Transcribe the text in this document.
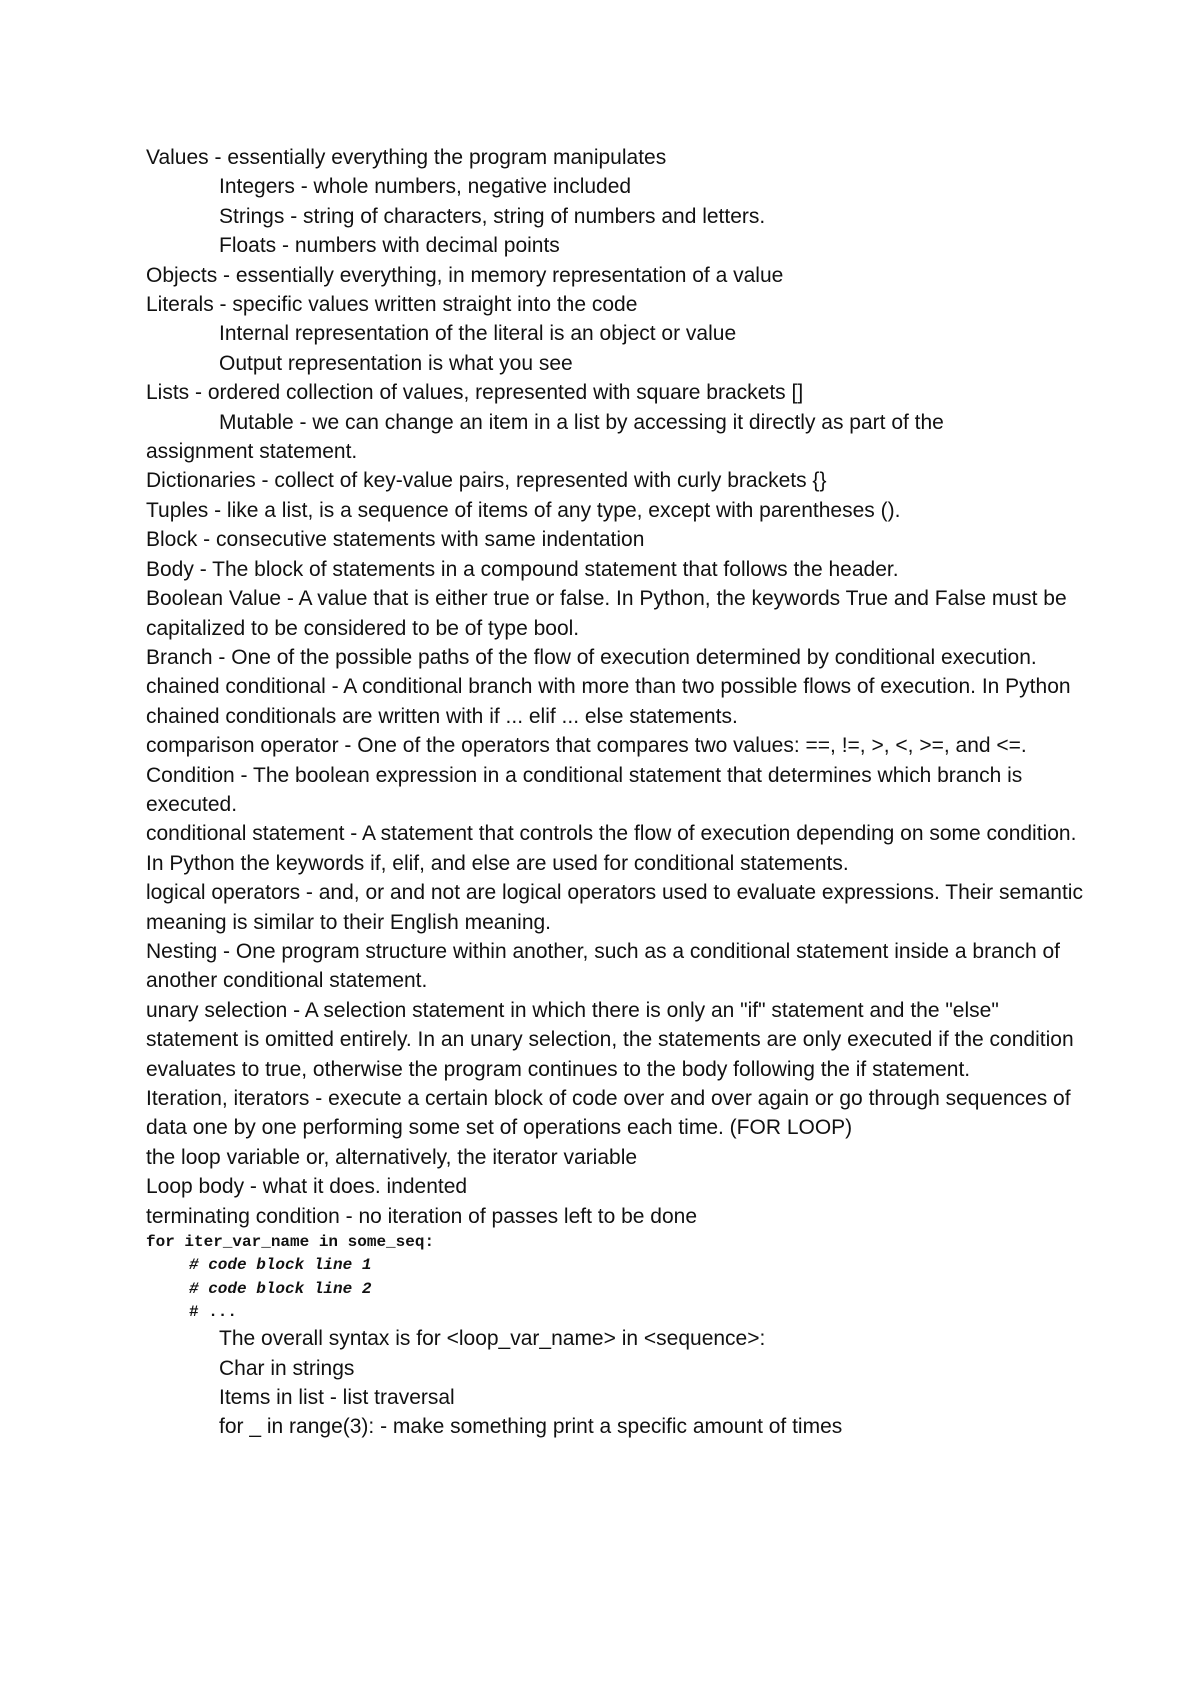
Values - essentially everything the program manipulates

Integers - whole numbers, negative included

Strings - string of characters, string of numbers and letters.

Floats - numbers with decimal points

Objects - essentially everything, in memory representation of a value

Literals - specific values written straight into the code

Internal representation of the literal is an object or value

Output representation is what you see

Lists - ordered collection of values, represented with square brackets []

Mutable - we can change an item in a list by accessing it directly as part of the

assignment statement.

Dictionaries - collect of key-value pairs, represented with curly brackets {}

Tuples - like a list, is a sequence of items of any type, except with parentheses ().

Block - consecutive statements with same indentation

Body - The block of statements in a compound statement that follows the header.

Boolean Value - A value that is either true or false. In Python, the keywords True and False must be capitalized to be considered to be of type bool.

Branch - One of the possible paths of the flow of execution determined by conditional execution.

chained conditional - A conditional branch with more than two possible flows of execution. In Python chained conditionals are written with if ... elif ... else statements.

comparison operator - One of the operators that compares two values: ==, !=, >, <, >=, and <=.

Condition - The boolean expression in a conditional statement that determines which branch is executed.

conditional statement - A statement that controls the flow of execution depending on some condition. In Python the keywords if, elif, and else are used for conditional statements.

logical operators - and, or and not are logical operators used to evaluate expressions. Their semantic meaning is similar to their English meaning.

Nesting - One program structure within another, such as a conditional statement inside a branch of another conditional statement.

unary selection - A selection statement in which there is only an "if" statement and the "else" statement is omitted entirely. In an unary selection, the statements are only executed if the condition evaluates to true, otherwise the program continues to the body following the if statement.

Iteration, iterators - execute a certain block of code over and over again or go through sequences of data one by one performing some set of operations each time. (FOR LOOP)

the loop variable or, alternatively, the iterator variable

Loop body - what it does. indented

terminating condition - no iteration of passes left to be done

for iter_var_name in some_seq:

# code block line 1

# code block line 2

# ...

The overall syntax is for <loop_var_name> in <sequence>:

Char in strings

Items in list - list traversal

for _ in range(3): - make something print a specific amount of times
